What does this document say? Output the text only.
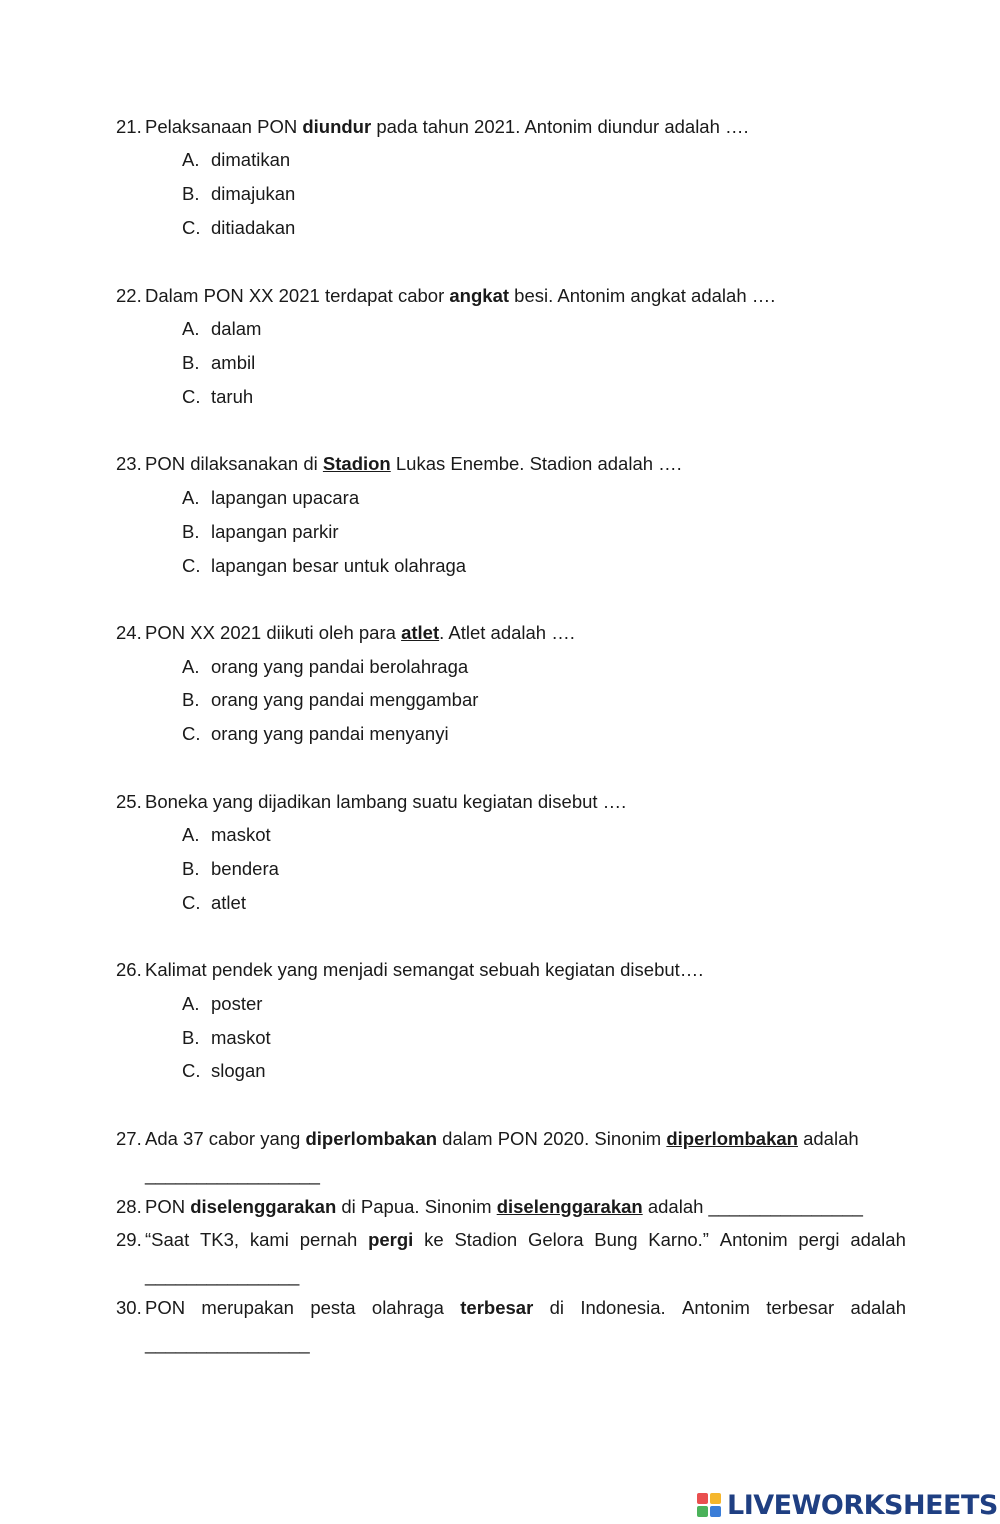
21. Pelaksanaan PON diundur pada tahun 2021. Antonim diundur adalah ….
A. dimatikan
B. dimajukan
C. ditiadakan
22. Dalam PON XX 2021 terdapat cabor angkat besi. Antonim angkat adalah ….
A. dalam
B. ambil
C. taruh
23. PON dilaksanakan di Stadion Lukas Enembe. Stadion adalah ….
A. lapangan upacara
B. lapangan parkir
C. lapangan besar untuk olahraga
24. PON XX 2021 diikuti oleh para atlet. Atlet adalah ….
A. orang yang pandai berolahraga
B. orang yang pandai menggambar
C. orang yang pandai menyanyi
25. Boneka yang dijadikan lambang suatu kegiatan disebut ….
A. maskot
B. bendera
C. atlet
26. Kalimat pendek yang menjadi semangat sebuah kegiatan disebut….
A. poster
B. maskot
C. slogan
27. Ada 37 cabor yang diperlombakan dalam PON 2020. Sinonim diperlombakan adalah
_________________
28. PON diselenggarakan di Papua. Sinonim diselenggarakan adalah _______________
29. “Saat TK3, kami pernah pergi ke Stadion Gelora Bung Karno.” Antonim pergi adalah
_______________
30. PON merupakan pesta olahraga terbesar di Indonesia. Antonim terbesar adalah
________________
LIVEWORKSHEETS
